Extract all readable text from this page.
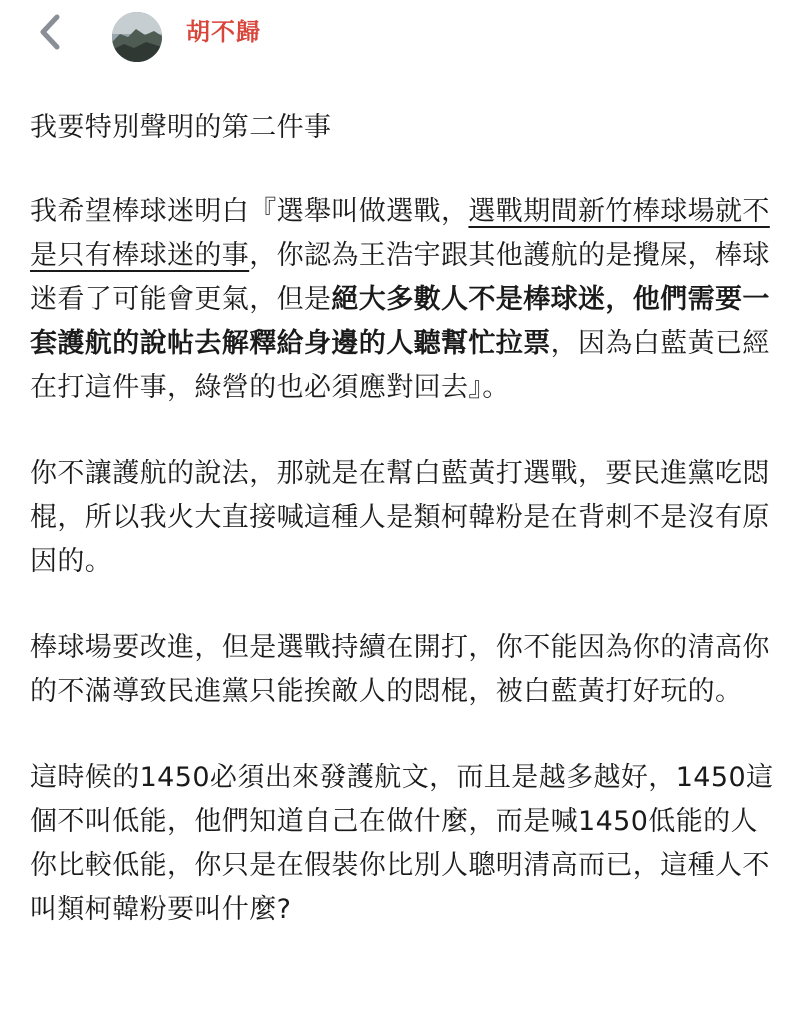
胡不歸

我要特別聲明的第二件事

我希望棒球迷明白『選舉叫做選戰，選戰期間新竹棒球場就不是只有棒球迷的事，你認為王浩宇跟其他護航的是攪屎，棒球迷看了可能會更氣，但是絕大多數人不是棒球迷，他們需要一套護航的說帖去解釋給身邊的人聽幫忙拉票，因為白藍黃已經在打這件事，綠營的也必須應對回去』。

你不讓護航的說法，那就是在幫白藍黃打選戰，要民進黨吃悶棍，所以我火大直接喊這種人是類柯韓粉是在背刺不是沒有原因的。

棒球場要改進，但是選戰持續在開打，你不能因為你的清高你的不滿導致民進黨只能挨敵人的悶棍，被白藍黃打好玩的。

這時候的1450必須出來發護航文，而且是越多越好，1450這個不叫低能，他們知道自己在做什麼，而是喊1450低能的人你比較低能，你只是在假裝你比別人聰明清高而已，這種人不叫類柯韓粉要叫什麼?
